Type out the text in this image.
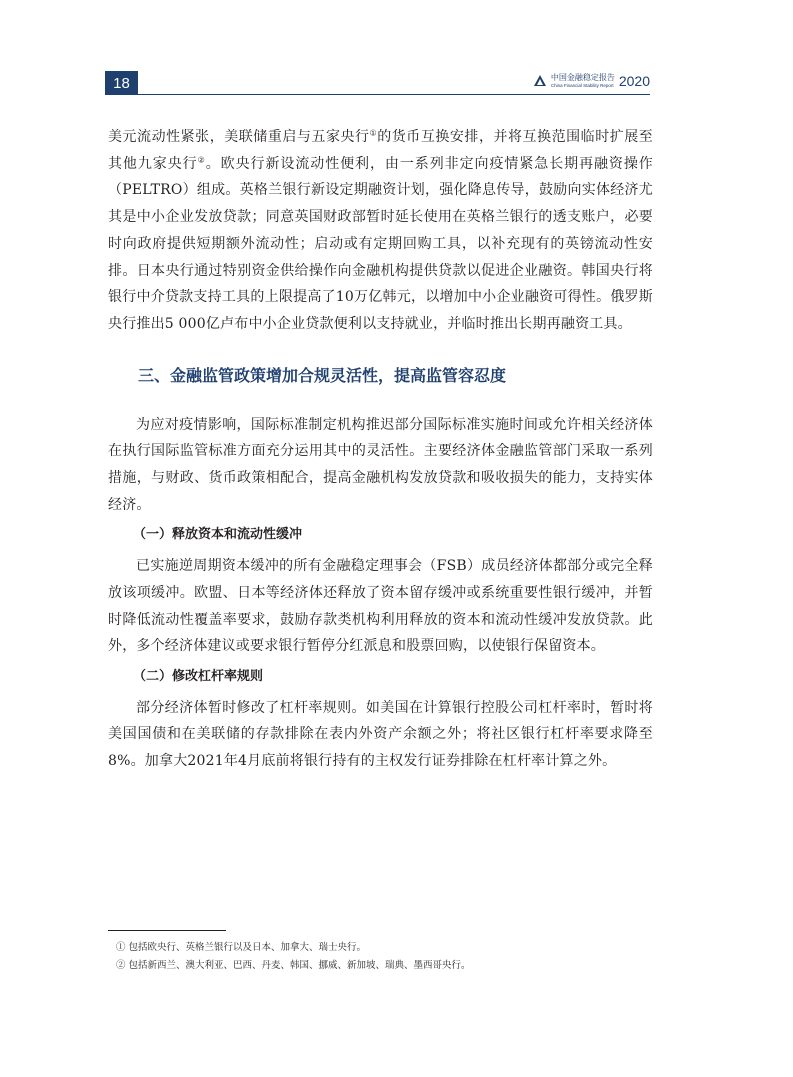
18	中国金融稳定报告
China Financial Stability Report 2020

美元流动性紧张，美联储重启与五家央行①的货币互换安排，并将互换范围临时扩展至其他九家央行②。欧央行新设流动性便利，由一系列非定向疫情紧急长期再融资操作（PELTRO）组成。英格兰银行新设定期融资计划，强化降息传导，鼓励向实体经济尤其是中小企业发放贷款；同意英国财政部暂时延长使用在英格兰银行的透支账户，必要时向政府提供短期额外流动性；启动或有定期回购工具，以补充现有的英镑流动性安排。日本央行通过特别资金供给操作向金融机构提供贷款以促进企业融资。韩国央行将银行中介贷款支持工具的上限提高了10万亿韩元，以增加中小企业融资可得性。俄罗斯央行推出5 000亿卢布中小企业贷款便利以支持就业，并临时推出长期再融资工具。

三、金融监管政策增加合规灵活性，提高监管容忍度

为应对疫情影响，国际标准制定机构推迟部分国际标准实施时间或允许相关经济体在执行国际监管标准方面充分运用其中的灵活性。主要经济体金融监管部门采取一系列措施，与财政、货币政策相配合，提高金融机构发放贷款和吸收损失的能力，支持实体经济。

（一）释放资本和流动性缓冲

已实施逆周期资本缓冲的所有金融稳定理事会（FSB）成员经济体都部分或完全释放该项缓冲。欧盟、日本等经济体还释放了资本留存缓冲或系统重要性银行缓冲，并暂时降低流动性覆盖率要求，鼓励存款类机构利用释放的资本和流动性缓冲发放贷款。此外，多个经济体建议或要求银行暂停分红派息和股票回购，以使银行保留资本。

（二）修改杠杆率规则

部分经济体暂时修改了杠杆率规则。如美国在计算银行控股公司杠杆率时，暂时将美国国债和在美联储的存款排除在表内外资产余额之外；将社区银行杠杆率要求降至8%。加拿大2021年4月底前将银行持有的主权发行证券排除在杠杆率计算之外。

① 包括欧央行、英格兰银行以及日本、加拿大、瑞士央行。
② 包括新西兰、澳大利亚、巴西、丹麦、韩国、挪威、新加坡、瑞典、墨西哥央行。
